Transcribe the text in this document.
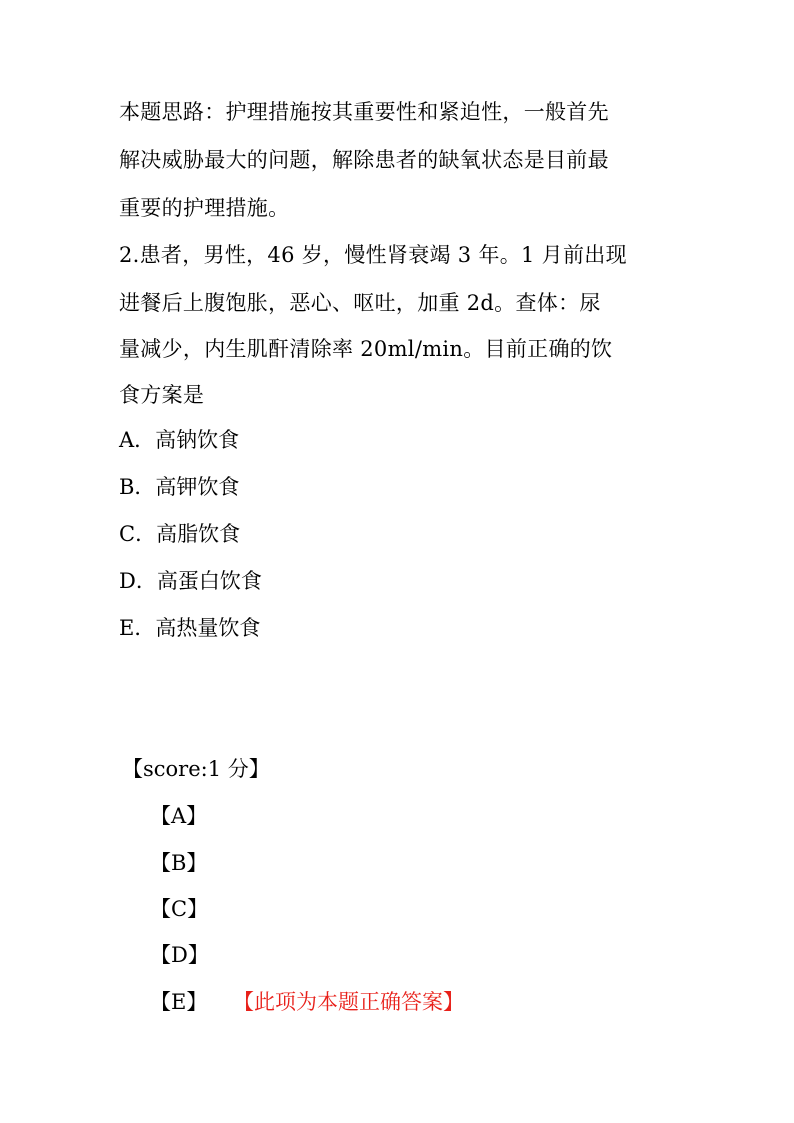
本题思路：护理措施按其重要性和紧迫性，一般首先
解决威胁最大的问题，解除患者的缺氧状态是目前最
重要的护理措施。
2.患者，男性，46 岁，慢性肾衰竭 3 年。1 月前出现
进餐后上腹饱胀，恶心、呕吐，加重 2d。查体：尿
量减少，内生肌酐清除率 20ml/min。目前正确的饮
食方案是
A．高钠饮食
B．高钾饮食
C．高脂饮食
D．高蛋白饮食
E．高热量饮食
【score:1 分】
【A】
【B】
【C】
【D】
【E】 【此项为本题正确答案】
